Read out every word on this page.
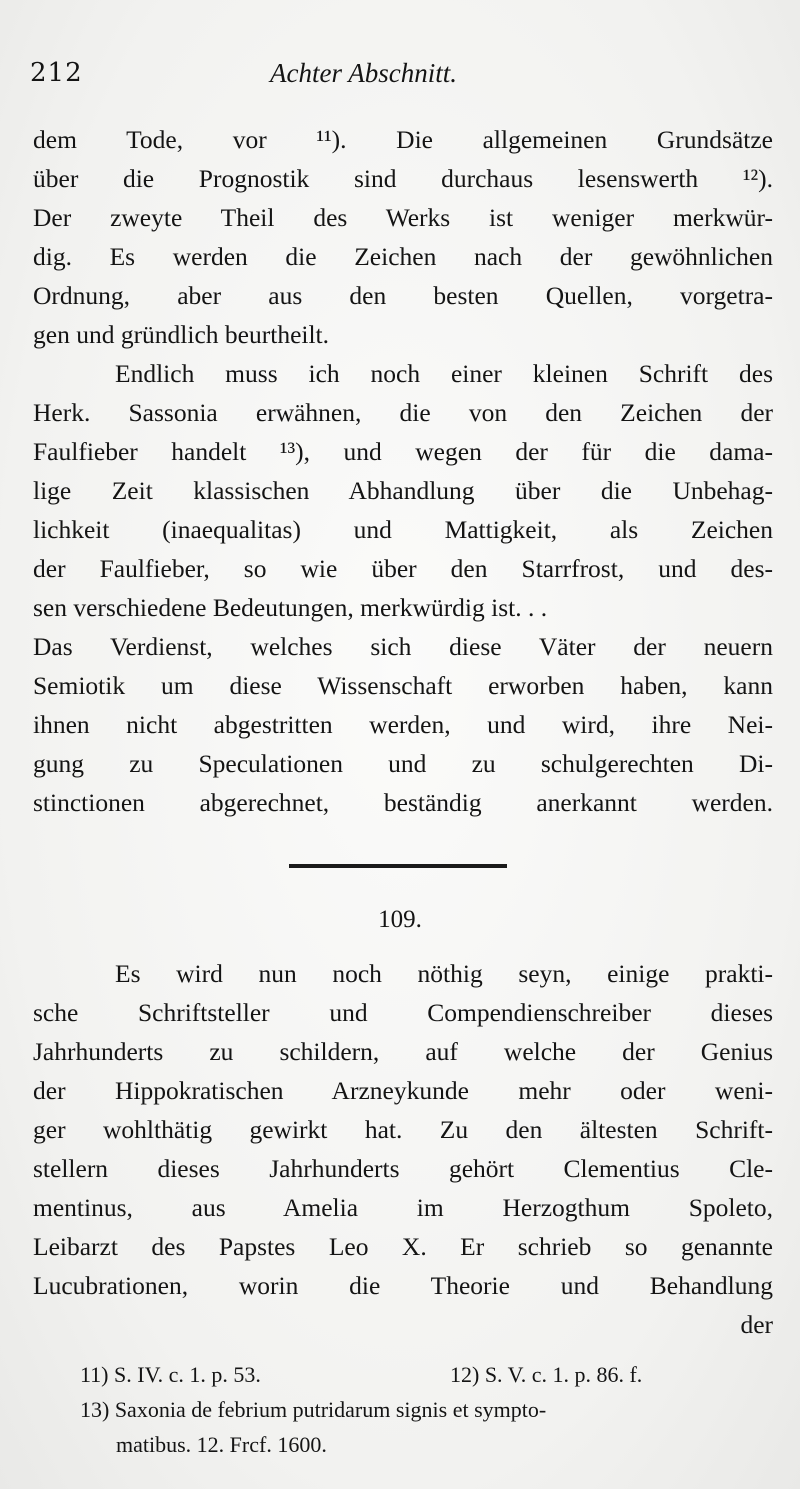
212	Achter Abschnitt.
dem Tode, vor ¹¹). Die allgemeinen Grundsätze
über die Prognostik sind durchaus lesenswerth ¹²).
Der zweyte Theil des Werks ist weniger merkwür-
dig. Es werden die Zeichen nach der gewöhnlichen
Ordnung, aber aus den besten Quellen, vorgetra-
gen und gründlich beurtheilt.
Endlich muss ich noch einer kleinen Schrift des
Herk. Sassonia erwähnen, die von den Zeichen der
Faulfieber handelt ¹³), und wegen der für die dama-
lige Zeit klassischen Abhandlung über die Unbehag-
lichkeit (inaequalitas) und Mattigkeit, als Zeichen
der Faulfieber, so wie über den Starrfrost, und des-
sen verschiedene Bedeutungen, merkwürdig ist. . .
Das Verdienst, welches sich diese Väter der neuern
Semiotik um diese Wissenschaft erworben haben, kann
ihnen nicht abgestritten werden, und wird, ihre Nei-
gung zu Speculationen und zu schulgerechten Di-
stinctionen abgerechnet, beständig anerkannt werden.
109.
Es wird nun noch nöthig seyn, einige prakti-
sche Schriftsteller und Compendienschreiber dieses
Jahrhunderts zu schildern, auf welche der Genius
der Hippokratischen Arzneykunde mehr oder weni-
ger wohlthätig gewirkt hat. Zu den ältesten Schrift-
stellern dieses Jahrhunderts gehört Clementius Cle-
mentinus, aus Amelia im Herzogthum Spoleto,
Leibarzt des Papstes Leo X. Er schrieb so genannte
Lucubrationen, worin die Theorie und Behandlung
der
11) S. IV. c. 1. p. 53.	12) S. V. c. 1. p. 86. f.
13) Saxonia de febrium putridarum signis et sympto-
matibus. 12. Frcf. 1600.
